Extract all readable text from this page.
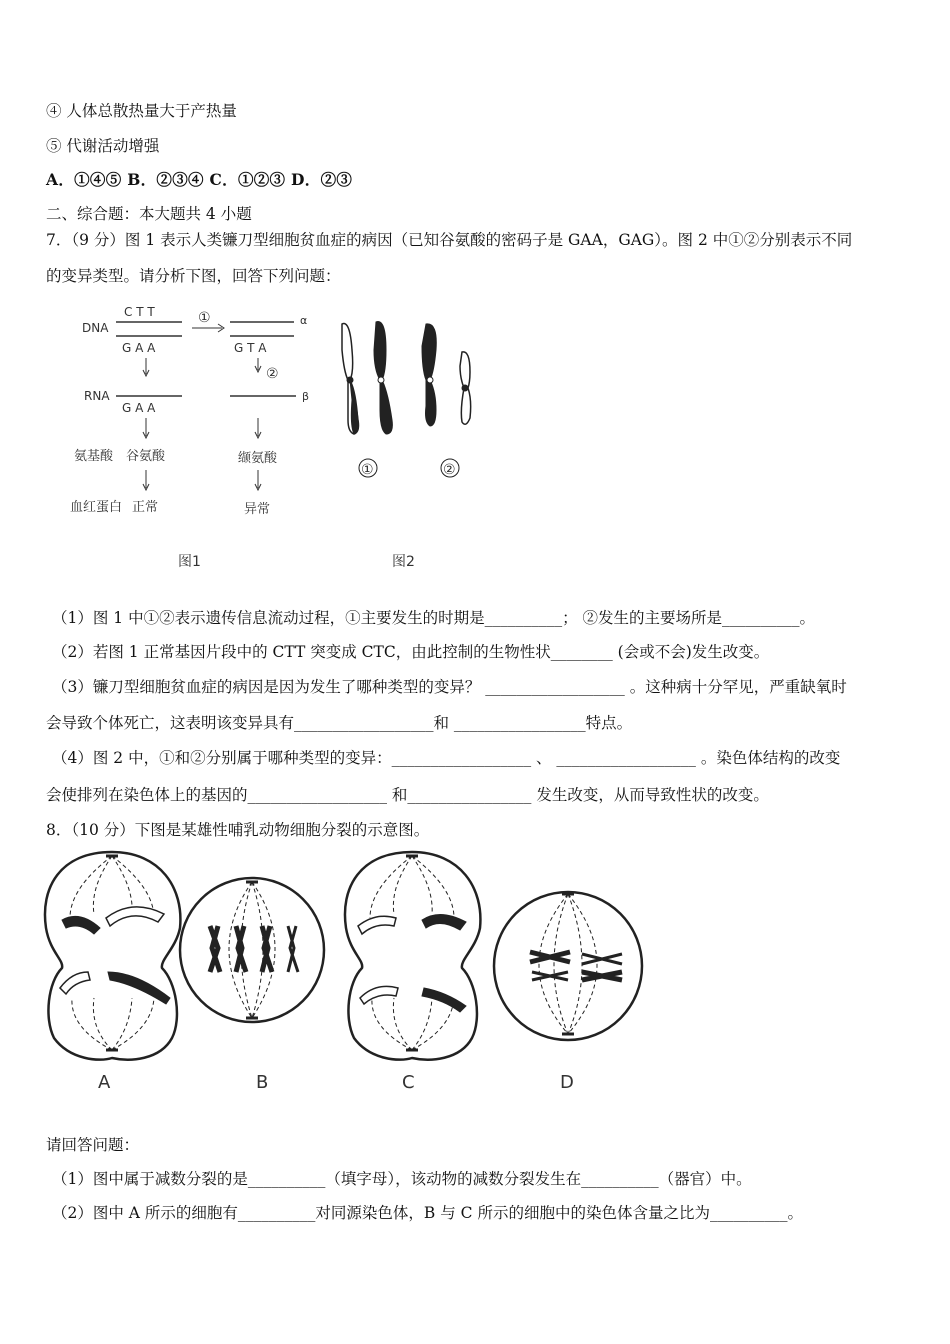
④ 人体总散热量大于产热量
⑤ 代谢活动增强
A．①④⑤ B．②③④ C．①②③ D．②③
二、综合题：本大题共 4 小题
7．（9 分）图 1 表示人类镰刀型细胞贫血症的病因（已知谷氨酸的密码子是 GAA，GAG）。图 2 中①②分别表示不同
的变异类型。请分析下图，回答下列问题：
DNA
C T T
G A A
①	α
G T A
②
RNA
G A A
β
氨基酸 谷氨酸	缬氨酸
血红蛋白 正常	异常
图1
①	②
图2
（1）图 1 中①②表示遗传信息流动过程，①主要发生的时期是__________； ②发生的主要场所是__________。
（2）若图 1 正常基因片段中的 CTT 突变成 CTC，由此控制的生物性状________ (会或不会)发生改变。
（3）镰刀型细胞贫血症的病因是因为发生了哪种类型的变异？ __________________ 。这种病十分罕见，严重缺氧时
会导致个体死亡，这表明该变异具有__________________和 _________________特点。
（4）图 2 中，①和②分别属于哪种类型的变异：__________________ 、 __________________ 。染色体结构的改变
会使排列在染色体上的基因的__________________ 和________________ 发生改变，从而导致性状的改变。
8．（10 分）下图是某雄性哺乳动物细胞分裂的示意图。
A	B	C	D
请回答问题：
（1）图中属于减数分裂的是__________（填字母），该动物的减数分裂发生在__________（器官）中。
（2）图中 A 所示的细胞有__________对同源染色体，B 与 C 所示的细胞中的染色体含量之比为__________。
